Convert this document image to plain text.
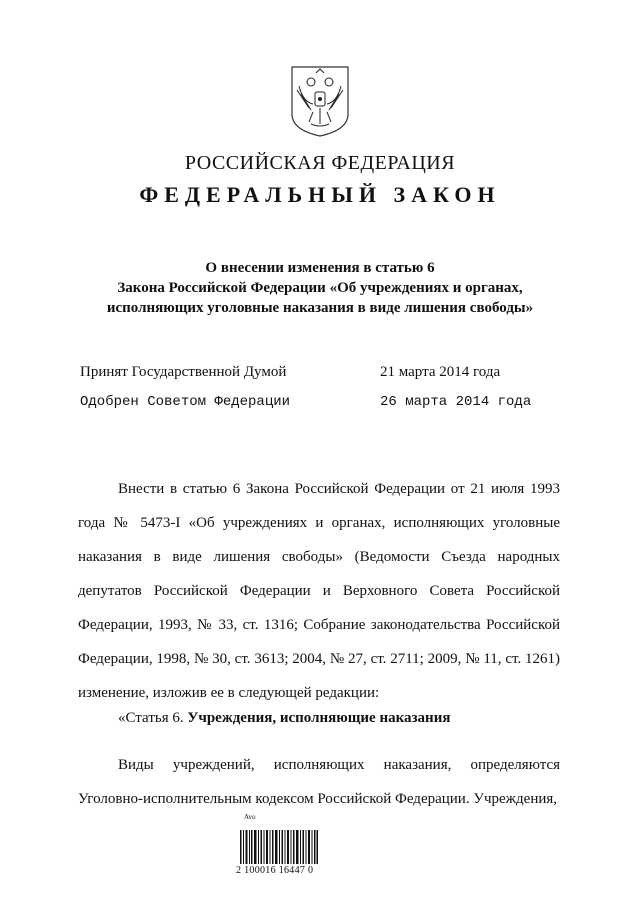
РОССИЙСКАЯ ФЕДЕРАЦИЯ
ФЕДЕРАЛЬНЫЙ ЗАКОН
О внесении изменения в статью 6
Закона Российской Федерации «Об учреждениях и органах,
исполняющих уголовные наказания в виде лишения свободы»
Принят Государственной Думой	21 марта 2014 года
Одобрен Советом Федерации	26 марта 2014 года

Внести в статью 6 Закона Российской Федерации от 21 июля 1993 года № 5473-I «Об учреждениях и органах, исполняющих уголовные наказания в виде лишения свободы» (Ведомости Съезда народных депутатов Российской Федерации и Верховного Совета Российской Федерации, 1993, № 33, ст. 1316; Собрание законодательства Российской Федерации, 1998, № 30, ст. 3613; 2004, № 27, ст. 2711; 2009, № 11, ст. 1261) изменение, изложив ее в следующей редакции:

«Статья 6. Учреждения, исполняющие наказания

Виды учреждений, исполняющих наказания, определяются Уголовно-исполнительным кодексом Российской Федерации. Учреждения,

Avo
2 100016 16447 0
